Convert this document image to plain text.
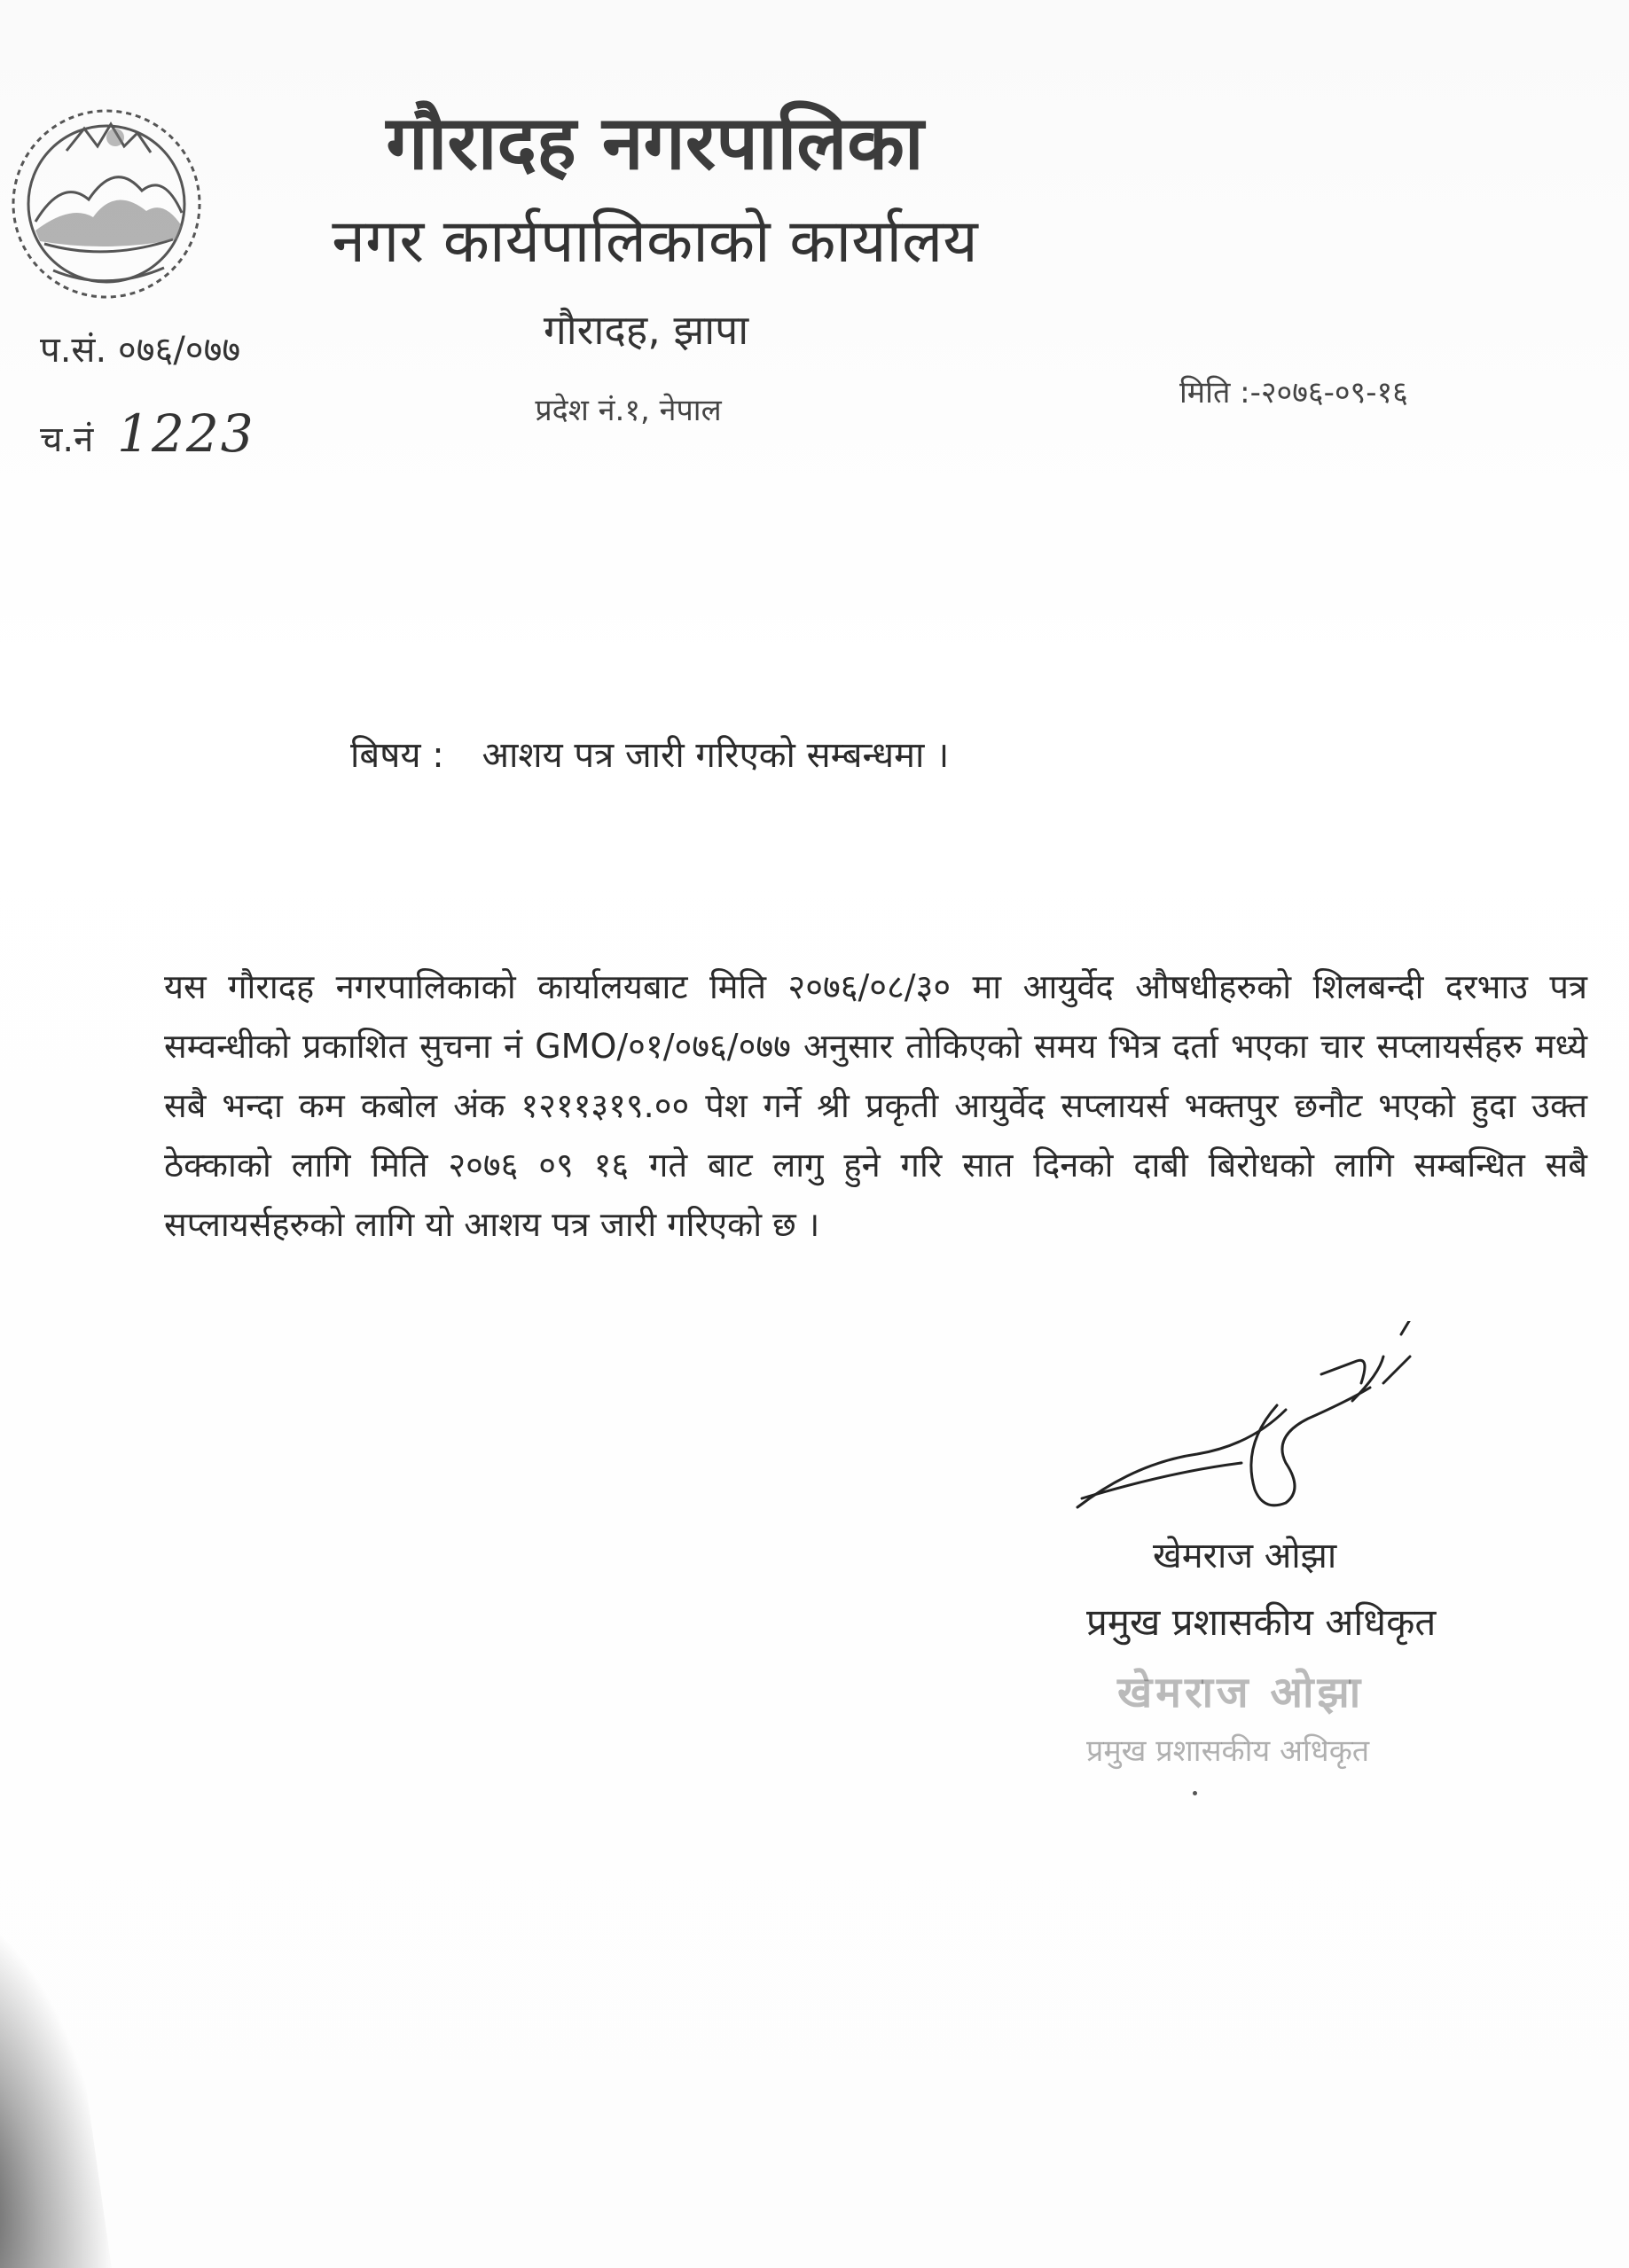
गौरादह नगरपालिका
नगर कार्यपालिकाको कार्यालय
गौरादह, झापा
प्रदेश नं.१, नेपाल
प.सं. ०७६/०७७
च.नं 1223
मिति :-२०७६-०९-१६
बिषय : आशय पत्र जारी गरिएको सम्बन्धमा ।

यस गौरादह नगरपालिकाको कार्यालयबाट मिति २०७६/०८/३० मा आयुर्वेद औषधीहरुको शिलबन्दी दरभाउ पत्र सम्वन्धीको प्रकाशित सुचना नं GMO/०१/०७६/०७७ अनुसार तोकिएको समय भित्र दर्ता भएका चार सप्लायर्सहरु मध्ये सबै भन्दा कम कबोल अंक १२११३१९.०० पेश गर्ने श्री प्रकृती आयुर्वेद सप्लायर्स भक्तपुर छनौट भएको हुदा उक्त ठेक्काको लागि मिति २०७६ ०९ १६ गते बाट लागु हुने गरि सात दिनको दाबी बिरोधको लागि सम्बन्धित सबै सप्लायर्सहरुको लागि यो आशय पत्र जारी गरिएको छ ।

खेमराज ओझा
प्रमुख प्रशासकीय अधिकृत
खेमराज ओझा
प्रमुख प्रशासकीय अधिकृत
